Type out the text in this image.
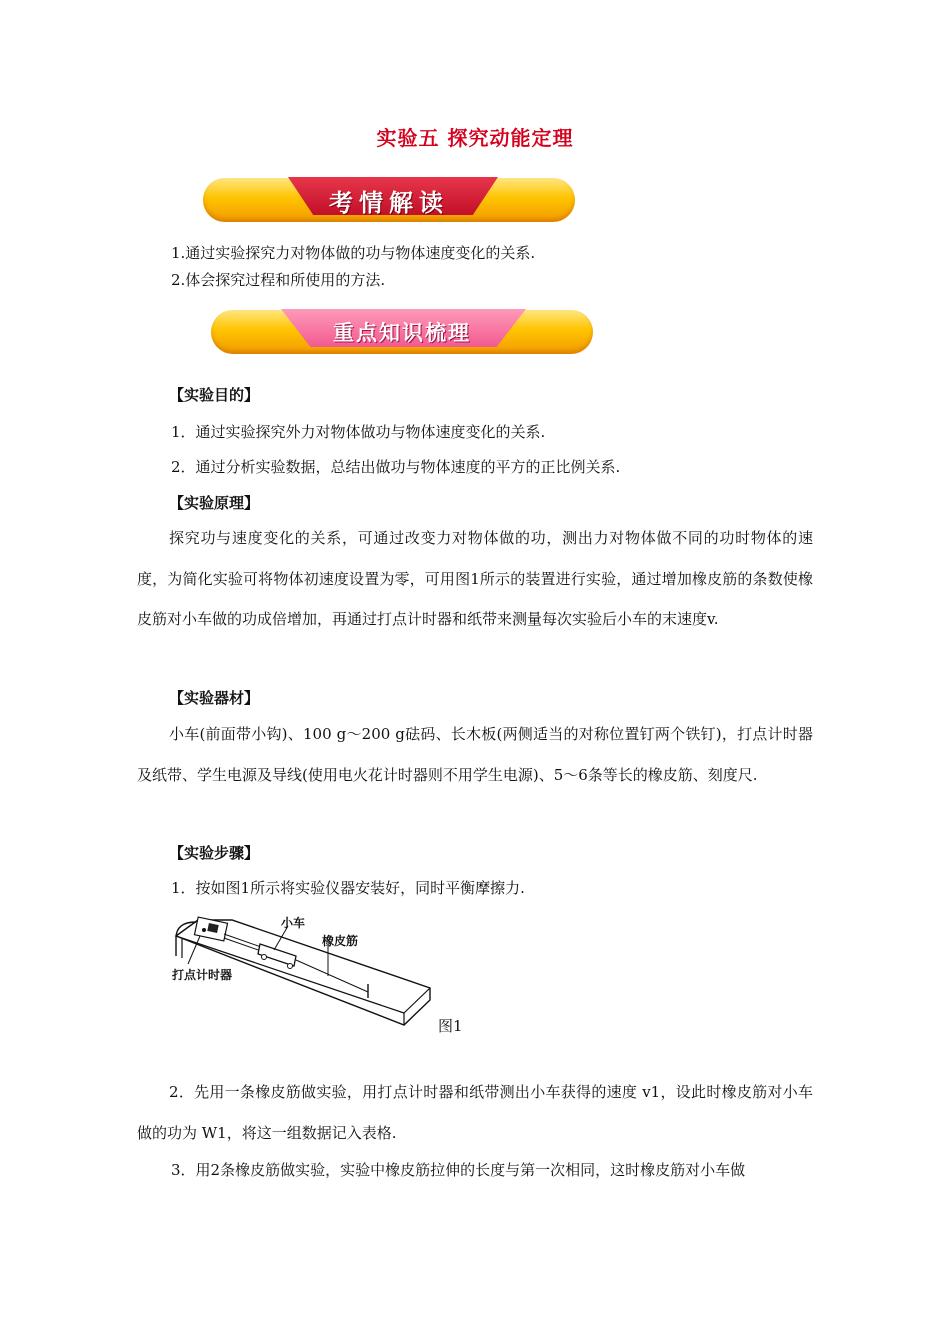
实验五 探究动能定理
考情解读
1.通过实验探究力对物体做的功与物体速度变化的关系.
2.体会探究过程和所使用的方法.
重点知识梳理
【实验目的】
1．通过实验探究外力对物体做功与物体速度变化的关系.
2．通过分析实验数据，总结出做功与物体速度的平方的正比例关系.
【实验原理】
探究功与速度变化的关系，可通过改变力对物体做的功，测出力对物体做不同的功时物体的速度，为简化实验可将物体初速度设置为零，可用图1所示的装置进行实验，通过增加橡皮筋的条数使橡皮筋对小车做的功成倍增加，再通过打点计时器和纸带来测量每次实验后小车的末速度v.
【实验器材】
小车(前面带小钩)、100 g～200 g砝码、长木板(两侧适当的对称位置钉两个铁钉)，打点计时器及纸带、学生电源及导线(使用电火花计时器则不用学生电源)、5～6条等长的橡皮筋、刻度尺.
【实验步骤】
1．按如图1所示将实验仪器安装好，同时平衡摩擦力.
小车
橡皮筋
打点计时器
图1
2．先用一条橡皮筋做实验，用打点计时器和纸带测出小车获得的速度 v1，设此时橡皮筋对小车做的功为 W1，将这一组数据记入表格.
3．用2条橡皮筋做实验，实验中橡皮筋拉伸的长度与第一次相同，这时橡皮筋对小车做
